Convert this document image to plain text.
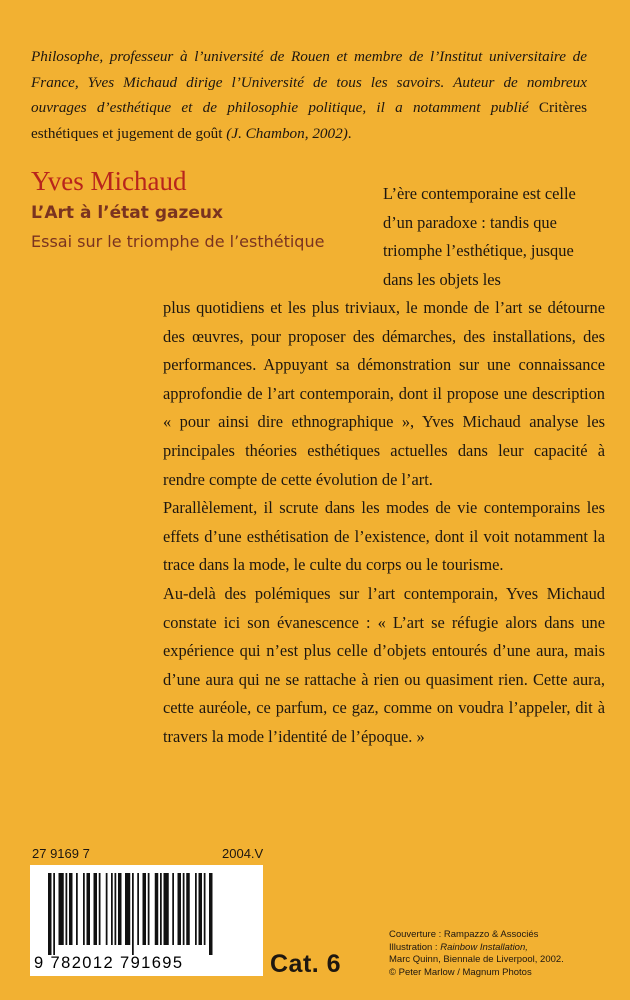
Philosophe, professeur à l’université de Rouen et membre de l’Institut universitaire de France, Yves Michaud dirige l’Université de tous les savoirs. Auteur de nombreux ouvrages d’esthétique et de philosophie politique, il a notamment publié Critères esthétiques et jugement de goût (J. Chambon, 2002).

Yves Michaud
L’Art à l’état gazeux
Essai sur le triomphe de l’esthétique

L’ère contemporaine est celle d’un paradoxe : tandis que triomphe l’esthétique, jusque dans les objets les

plus quotidiens et les plus triviaux, le monde de l’art se détourne des œuvres, pour proposer des démarches, des installations, des performances. Appuyant sa démonstration sur une connaissance approfondie de l’art contemporain, dont il propose une description « pour ainsi dire ethnographique », Yves Michaud analyse les principales théories esthétiques actuelles dans leur capacité à rendre compte de cette évolution de l’art.

Parallèlement, il scrute dans les modes de vie contemporains les effets d’une esthétisation de l’existence, dont il voit notamment la trace dans la mode, le culte du corps ou le tourisme.

Au-delà des polémiques sur l’art contemporain, Yves Michaud constate ici son évanescence : « L’art se réfugie alors dans une expérience qui n’est plus celle d’objets entourés d’une aura, mais d’une aura qui ne se rattache à rien ou quasiment rien. Cette aura, cette auréole, ce parfum, ce gaz, comme on voudra l’appeler, dit à travers la mode l’identité de l’époque. »

27 9169 7	2004.V
9 782012 791695	Cat. 6
Couverture : Rampazzo & Associés
Illustration : Rainbow Installation,
Marc Quinn, Biennale de Liverpool, 2002.
© Peter Marlow / Magnum Photos
